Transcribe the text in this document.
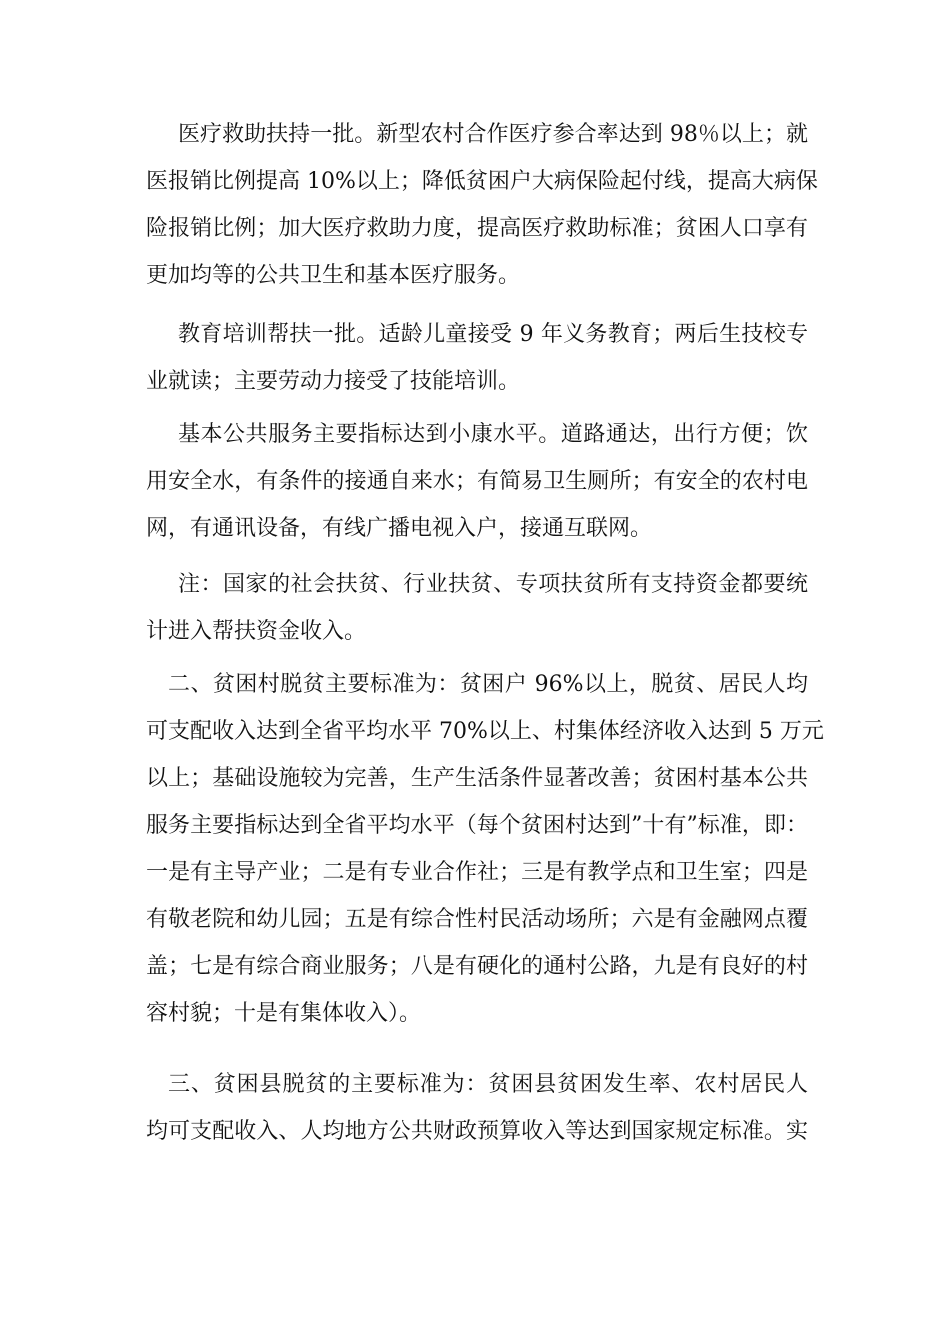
医疗救助扶持一批。新型农村合作医疗参合率达到 98％以上；就
医报销比例提高 10%以上；降低贫困户大病保险起付线，提高大病保
险报销比例；加大医疗救助力度，提高医疗救助标准；贫困人口享有
更加均等的公共卫生和基本医疗服务。
教育培训帮扶一批。适龄儿童接受 9 年义务教育；两后生技校专
业就读；主要劳动力接受了技能培训。
基本公共服务主要指标达到小康水平。道路通达，出行方便；饮
用安全水，有条件的接通自来水；有简易卫生厕所；有安全的农村电
网，有通讯设备，有线广播电视入户，接通互联网。
注：国家的社会扶贫、行业扶贫、专项扶贫所有支持资金都要统
计进入帮扶资金收入。
二、贫困村脱贫主要标准为：贫困户 96%以上，脱贫、居民人均
可支配收入达到全省平均水平 70%以上、村集体经济收入达到 5 万元
以上；基础设施较为完善，生产生活条件显著改善；贫困村基本公共
服务主要指标达到全省平均水平（每个贫困村达到”十有”标准，即：
一是有主导产业；二是有专业合作社；三是有教学点和卫生室；四是
有敬老院和幼儿园；五是有综合性村民活动场所；六是有金融网点覆
盖；七是有综合商业服务；八是有硬化的通村公路，九是有良好的村
容村貌；十是有集体收入）。
三、贫困县脱贫的主要标准为：贫困县贫困发生率、农村居民人
均可支配收入、人均地方公共财政预算收入等达到国家规定标准。实
